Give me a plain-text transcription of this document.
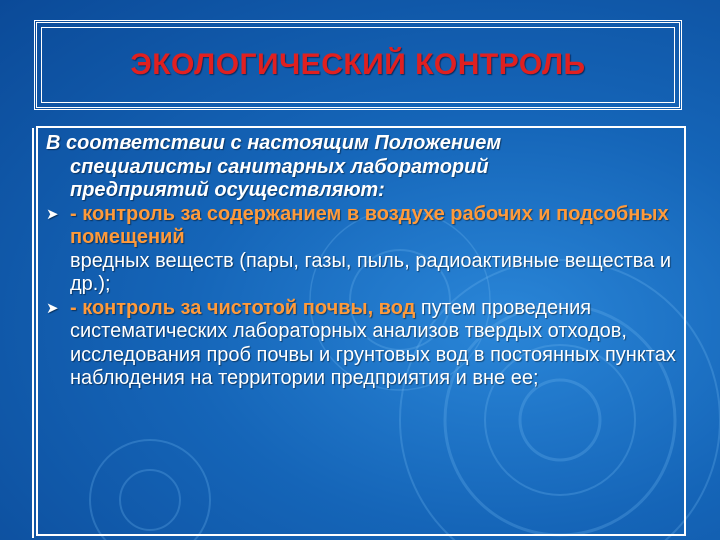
ЭКОЛОГИЧЕСКИЙ КОНТРОЛЬ
В соответствии с настоящим Положением
специалисты санитарных лабораторий
предприятий осуществляют:
➤ - контроль за содержанием в воздухе рабочих и подсобных помещений
вредных веществ (пары, газы, пыль, радиоактивные вещества и др.);
➤ - контроль за чистотой почвы, вод путем проведения систематических лабораторных анализов твердых отходов, исследования проб почвы и грунтовых вод в постоянных пунктах наблюдения на территории предприятия и вне ее;
